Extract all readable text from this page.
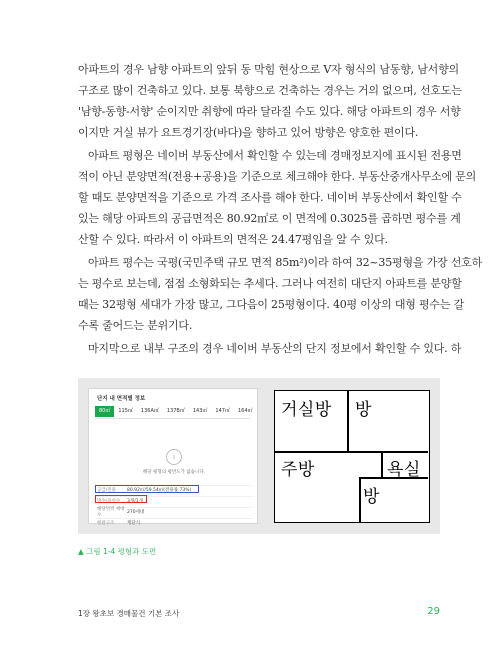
아파트의 경우 남향 아파트의 앞뒤 동 막힘 현상으로 V자 형식의 남동향, 남서향의
구조로 많이 건축하고 있다. 보통 북향으로 건축하는 경우는 거의 없으며, 선호도는
'남향-동향-서향' 순이지만 취향에 따라 달라질 수도 있다. 해당 아파트의 경우 서향
이지만 거실 뷰가 요트경기장(바다)을 향하고 있어 방향은 양호한 편이다.
아파트 평형은 네이버 부동산에서 확인할 수 있는데 경매정보지에 표시된 전용면
적이 아닌 분양면적(전용+공용)을 기준으로 체크해야 한다. 부동산중개사무소에 문의
할 때도 분양면적을 기준으로 가격 조사를 해야 한다. 네이버 부동산에서 확인할 수
있는 해당 아파트의 공급면적은 80.92㎡로 이 면적에 0.3025를 곱하면 평수를 계
산할 수 있다. 따라서 이 아파트의 면적은 24.47평임을 알 수 있다.
아파트 평수는 국평(국민주택 규모 면적 85m²)이라 하여 32~35평형을 가장 선호하
는 평수로 보는데, 점점 소형화되는 추세다. 그러나 여전히 대단지 아파트를 분양할
때는 32평형 세대가 가장 많고, 그다음이 25평형이다. 40평 이상의 대형 평수는 갈
수록 줄어드는 분위기다.
마지막으로 내부 구조의 경우 네이버 부동산의 단지 정보에서 확인할 수 있다. 하
단지 내 면적별 정보
80㎡	115㎡	136A㎡	137B㎡	143㎡	147㎡	164㎡
i
해당 평형의 평면도가 없습니다.
공급/전용	80.92㎡/59.54㎡(전용률 73%)
방수/욕실수	3개/1개
해당면적 세대수
270세대
현관구조	계단식
거실방 방
주방	욕실
방
▲ 그림 1-4 평형과 도면
1장 왕초보 경매물건 기본 조사	29
